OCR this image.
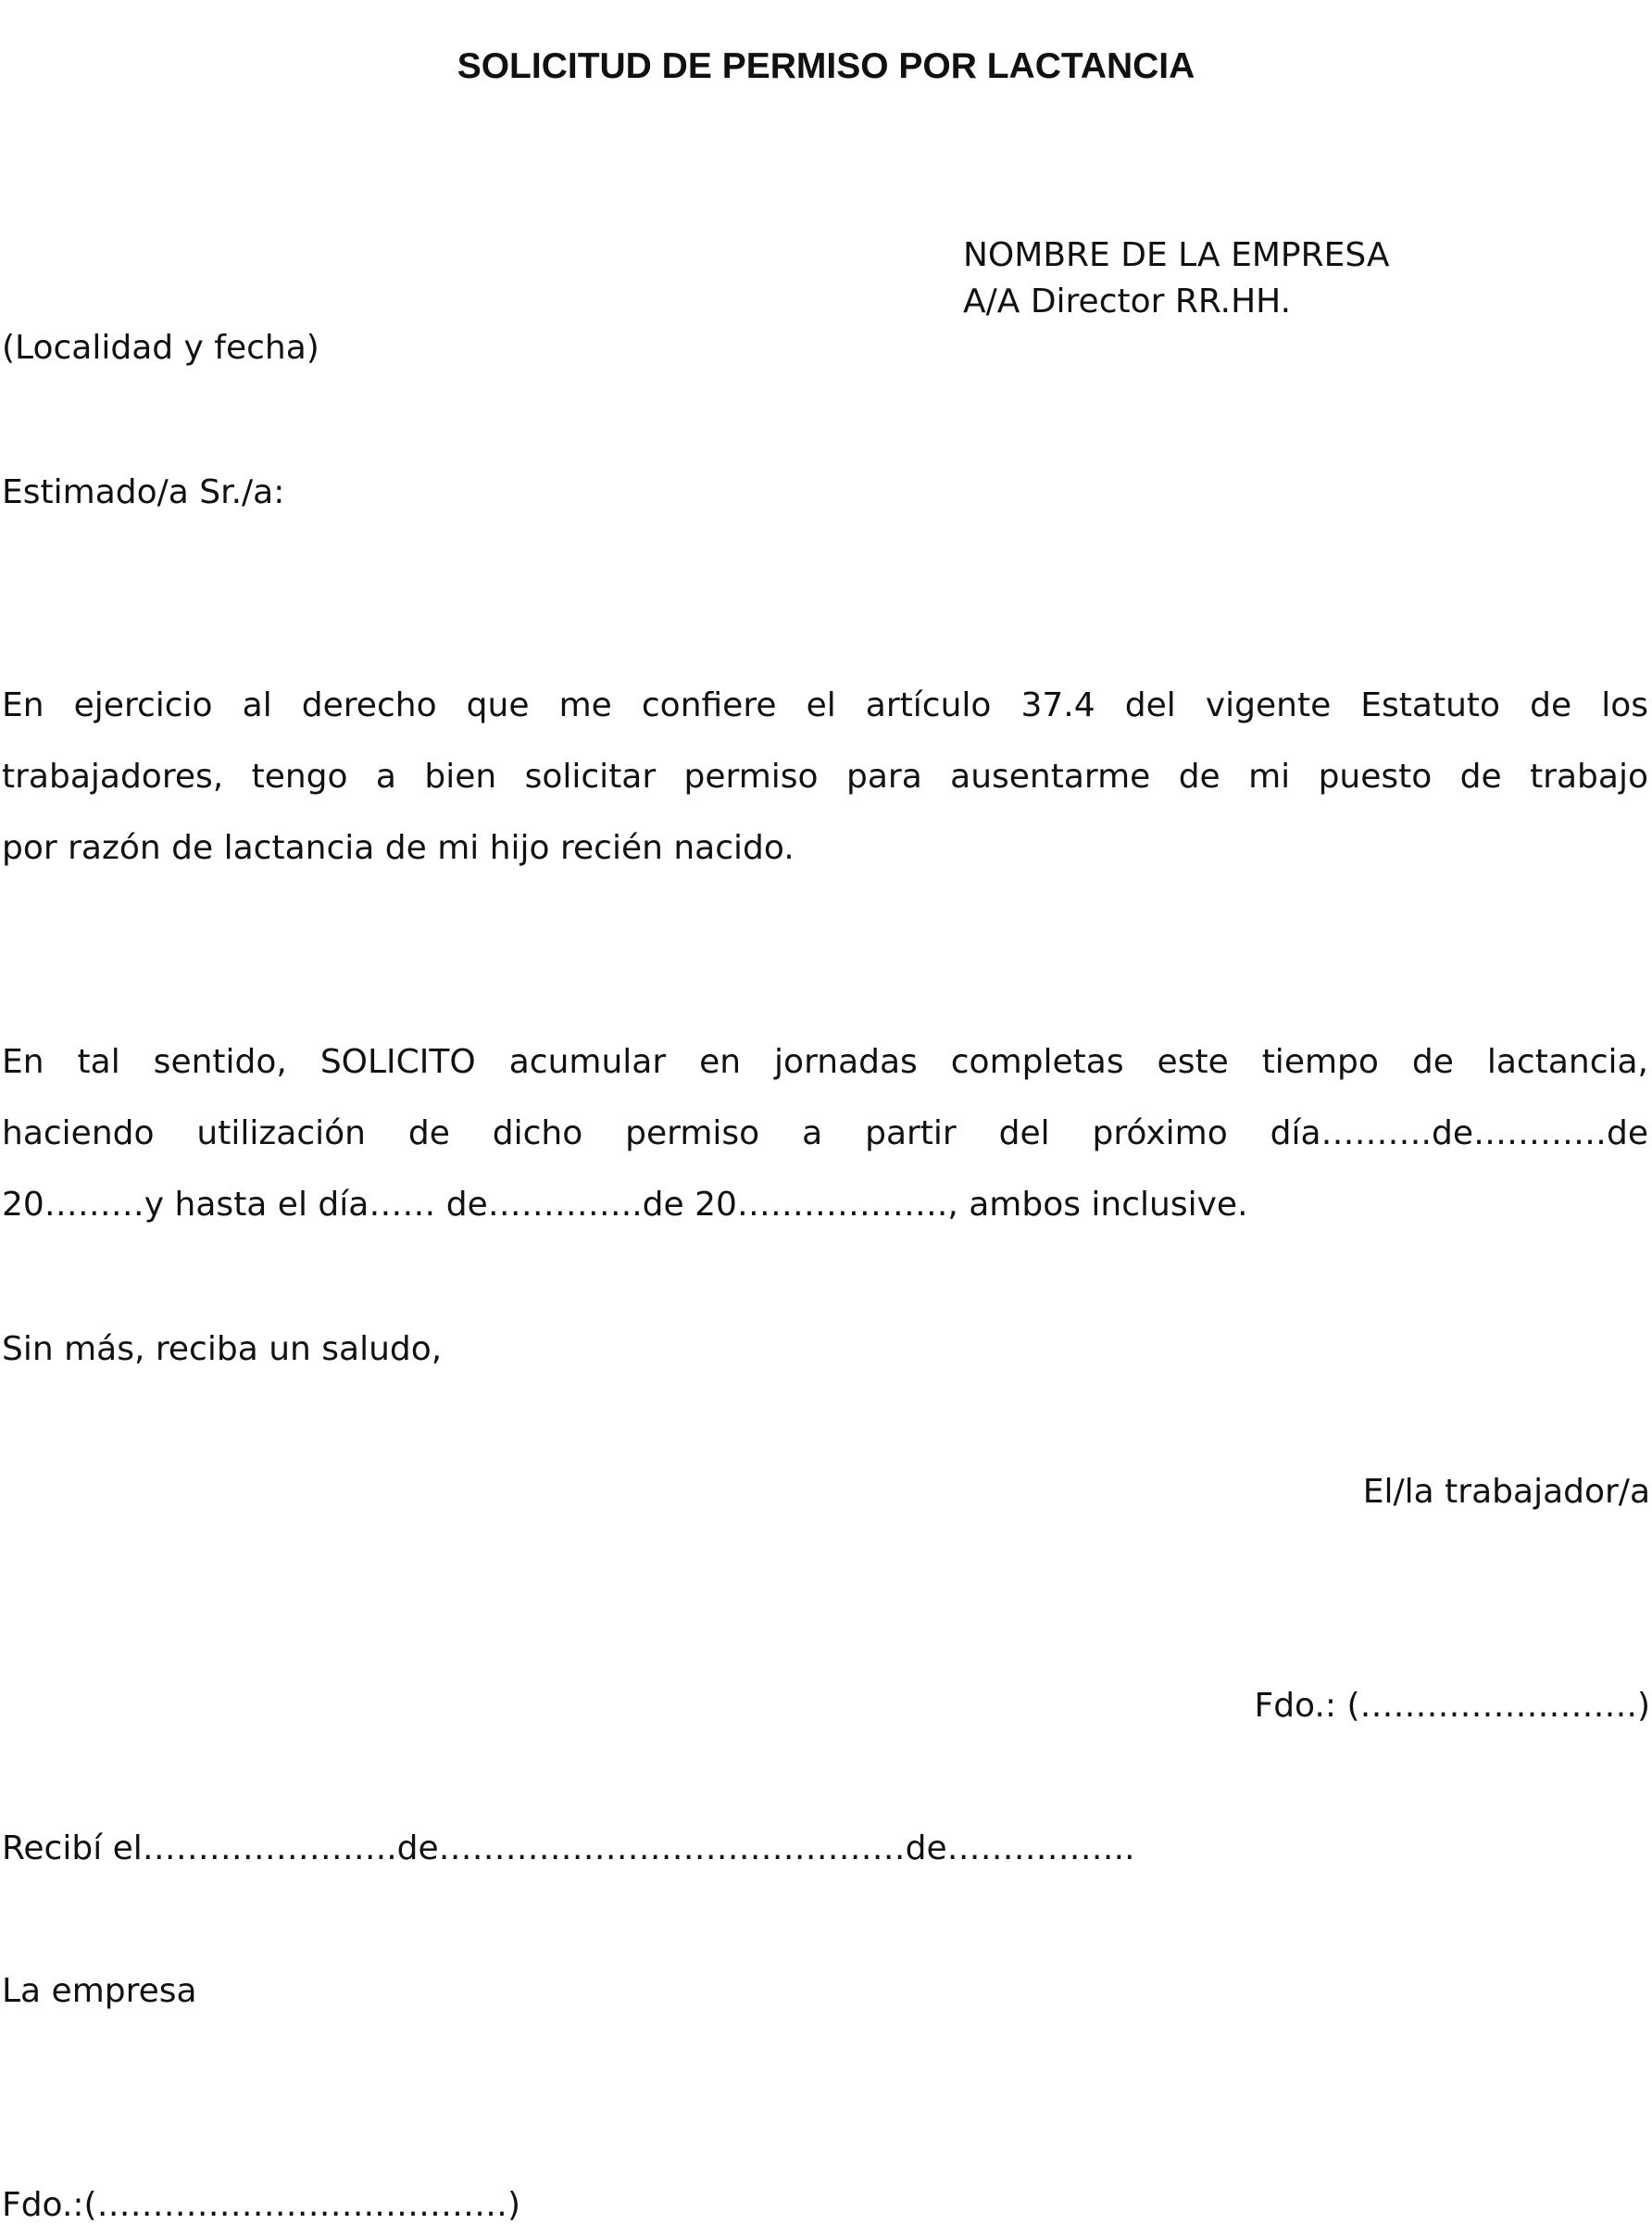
SOLICITUD DE PERMISO POR LACTANCIA
NOMBRE DE LA EMPRESA
A/A Director RR.HH.
(Localidad y fecha)
Estimado/a Sr./a:
En ejercicio al derecho que me confiere el artículo 37.4 del vigente Estatuto de los
trabajadores, tengo a bien solicitar permiso para ausentarme de mi puesto de trabajo
por razón de lactancia de mi hijo recién nacido.
En tal sentido, SOLICITO acumular en jornadas completas este tiempo de lactancia,
haciendo utilización de dicho permiso a partir del próximo día……….de…………de
20………y hasta el día…… de…………..de 20………………., ambos inclusive.
Sin más, reciba un saludo,
El/la trabajador/a
Fdo.: (…………………….)
Recibí el…………………..de……………………………………de……………..
La empresa
Fdo.:(…………………….…………)
